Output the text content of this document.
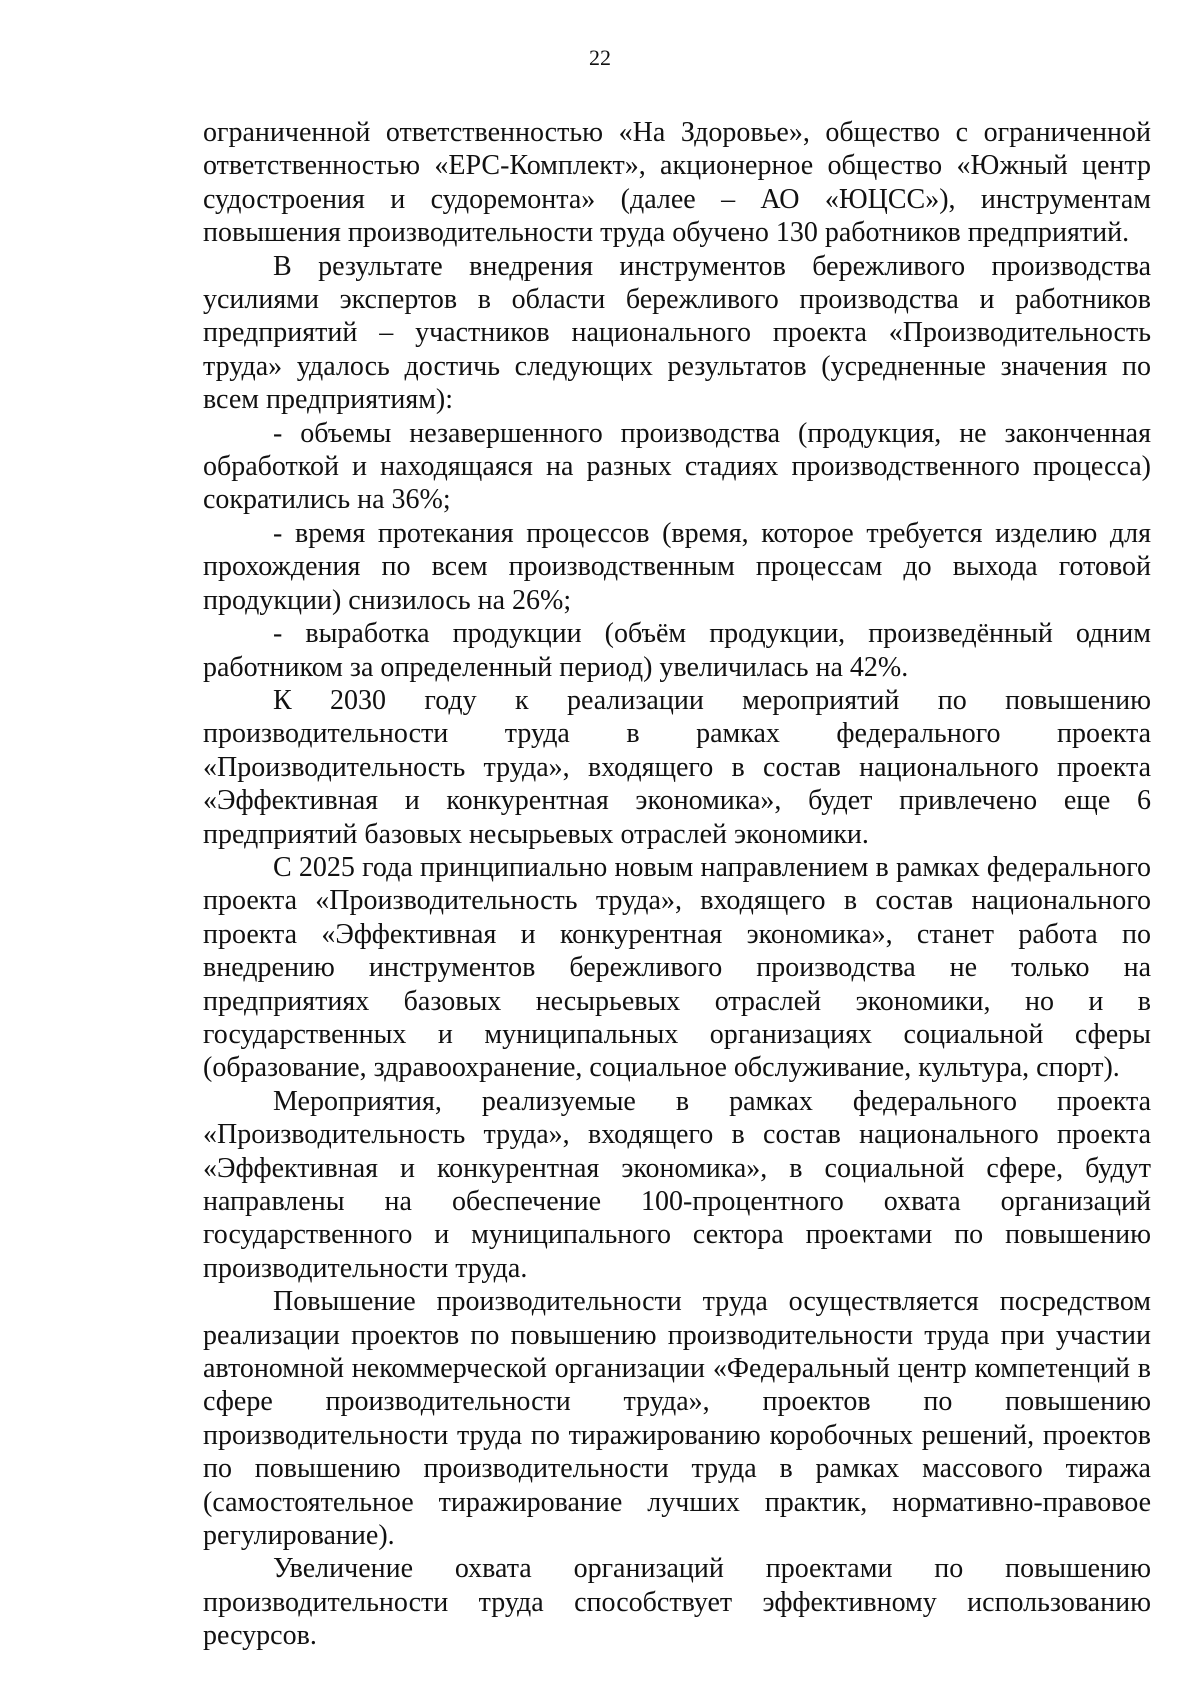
22

ограниченной ответственностью «На Здоровье», общество с ограниченной ответственностью «ЕРС-Комплект», акционерное общество «Южный центр судостроения и судоремонта» (далее – АО «ЮЦСС»), инструментам повышения производительности труда обучено 130 работников предприятий.

В результате внедрения инструментов бережливого производства усилиями экспертов в области бережливого производства и работников предприятий – участников национального проекта «Производительность труда» удалось достичь следующих результатов (усредненные значения по всем предприятиям):

- объемы незавершенного производства (продукция, не законченная обработкой и находящаяся на разных стадиях производственного процесса) сократились на 36%;

- время протекания процессов (время, которое требуется изделию для прохождения по всем производственным процессам до выхода готовой продукции) снизилось на 26%;

- выработка продукции (объём продукции, произведённый одним работником за определенный период) увеличилась на 42%.

К 2030 году к реализации мероприятий по повышению производительности труда в рамках федерального проекта «Производительность труда», входящего в состав национального проекта «Эффективная и конкурентная экономика», будет привлечено еще 6 предприятий базовых несырьевых отраслей экономики.

С 2025 года принципиально новым направлением в рамках федерального проекта «Производительность труда», входящего в состав национального проекта «Эффективная и конкурентная экономика», станет работа по внедрению инструментов бережливого производства не только на предприятиях базовых несырьевых отраслей экономики, но и в государственных и муниципальных организациях социальной сферы (образование, здравоохранение, социальное обслуживание, культура, спорт).

Мероприятия, реализуемые в рамках федерального проекта «Производительность труда», входящего в состав национального проекта «Эффективная и конкурентная экономика», в социальной сфере, будут направлены на обеспечение 100-процентного охвата организаций государственного и муниципального сектора проектами по повышению производительности труда.

Повышение производительности труда осуществляется посредством реализации проектов по повышению производительности труда при участии автономной некоммерческой организации «Федеральный центр компетенций в сфере производительности труда», проектов по повышению производительности труда по тиражированию коробочных решений, проектов по повышению производительности труда в рамках массового тиража (самостоятельное тиражирование лучших практик, нормативно-правовое регулирование).

Увеличение охвата организаций проектами по повышению производительности труда способствует эффективному использованию ресурсов.
